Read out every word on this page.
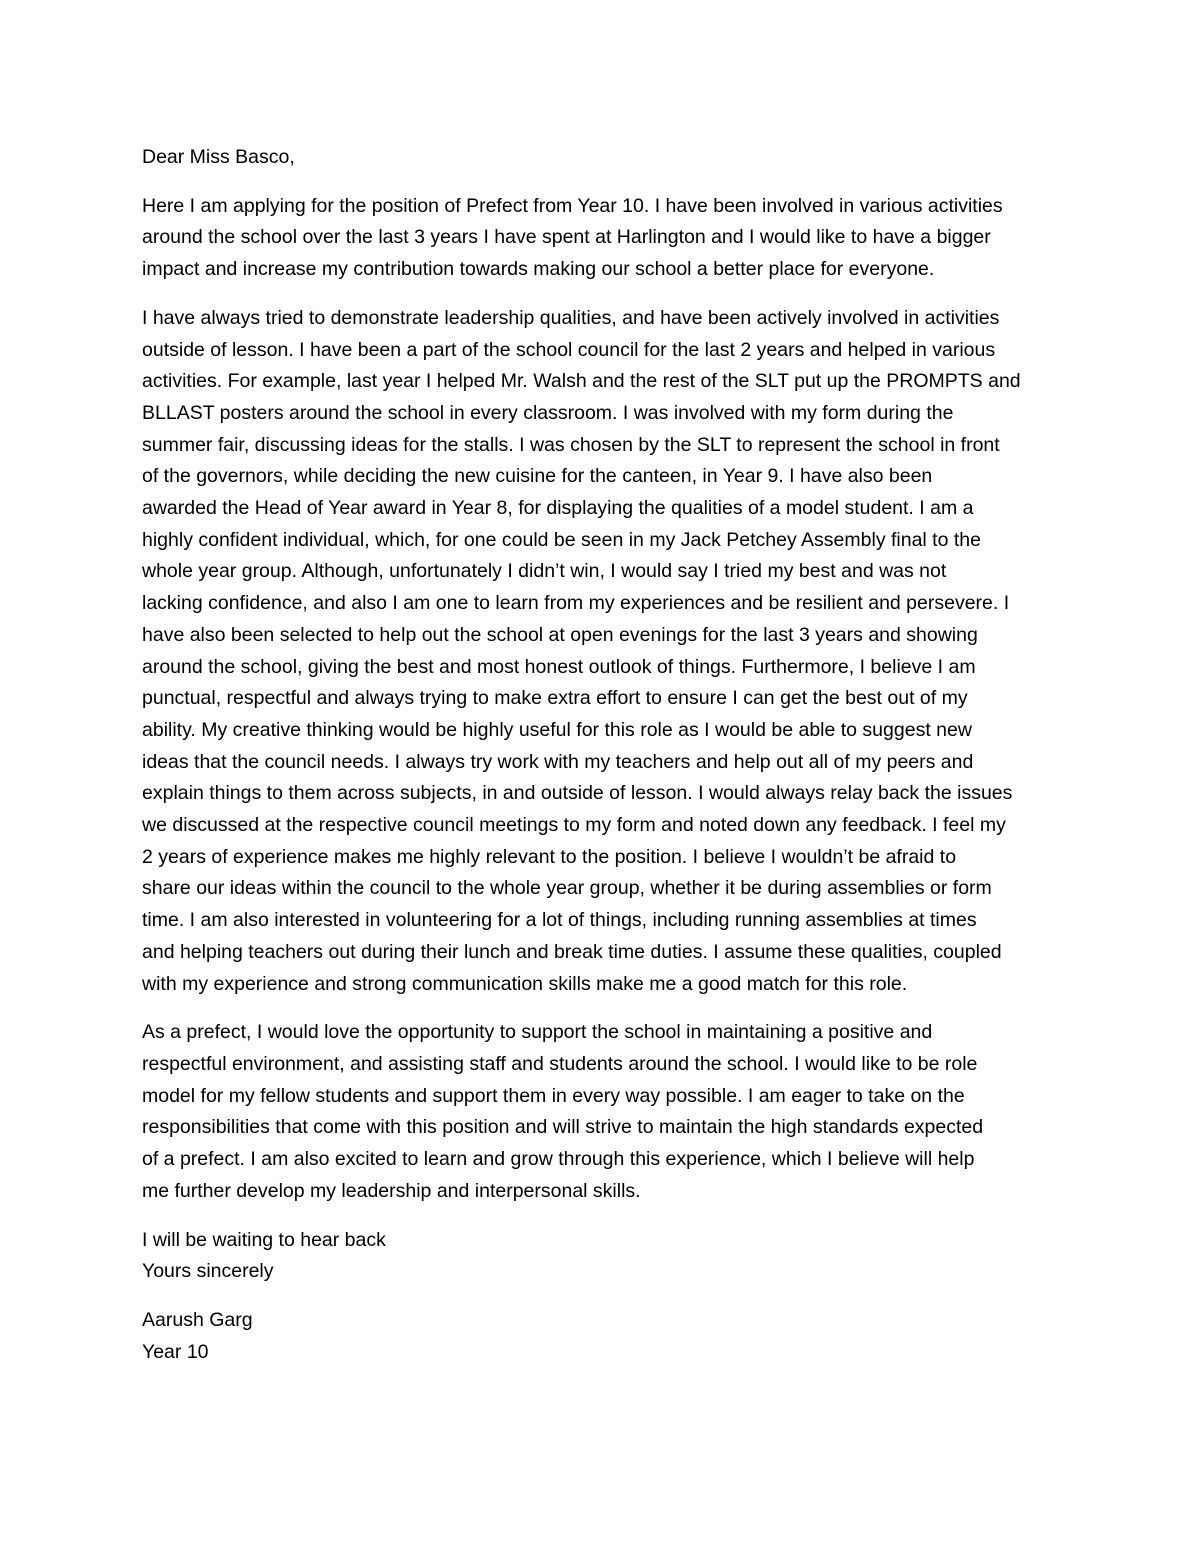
Dear Miss Basco,
Here I am applying for the position of Prefect from Year 10. I have been involved in various activities
around the school over the last 3 years I have spent at Harlington and I would like to have a bigger
impact and increase my contribution towards making our school a better place for everyone.
I have always tried to demonstrate leadership qualities, and have been actively involved in activities
outside of lesson. I have been a part of the school council for the last 2 years and helped in various
activities. For example, last year I helped Mr. Walsh and the rest of the SLT put up the PROMPTS and
BLLAST posters around the school in every classroom. I was involved with my form during the
summer fair, discussing ideas for the stalls. I was chosen by the SLT to represent the school in front
of the governors, while deciding the new cuisine for the canteen, in Year 9. I have also been
awarded the Head of Year award in Year 8, for displaying the qualities of a model student. I am a
highly confident individual, which, for one could be seen in my Jack Petchey Assembly final to the
whole year group. Although, unfortunately I didn’t win, I would say I tried my best and was not
lacking confidence, and also I am one to learn from my experiences and be resilient and persevere. I
have also been selected to help out the school at open evenings for the last 3 years and showing
around the school, giving the best and most honest outlook of things. Furthermore, I believe I am
punctual, respectful and always trying to make extra effort to ensure I can get the best out of my
ability. My creative thinking would be highly useful for this role as I would be able to suggest new
ideas that the council needs. I always try work with my teachers and help out all of my peers and
explain things to them across subjects, in and outside of lesson. I would always relay back the issues
we discussed at the respective council meetings to my form and noted down any feedback. I feel my
2 years of experience makes me highly relevant to the position. I believe I wouldn’t be afraid to
share our ideas within the council to the whole year group, whether it be during assemblies or form
time. I am also interested in volunteering for a lot of things, including running assemblies at times
and helping teachers out during their lunch and break time duties. I assume these qualities, coupled
with my experience and strong communication skills make me a good match for this role.
As a prefect, I would love the opportunity to support the school in maintaining a positive and
respectful environment, and assisting staff and students around the school. I would like to be role
model for my fellow students and support them in every way possible. I am eager to take on the
responsibilities that come with this position and will strive to maintain the high standards expected
of a prefect. I am also excited to learn and grow through this experience, which I believe will help
me further develop my leadership and interpersonal skills.
I will be waiting to hear back
Yours sincerely
Aarush Garg
Year 10
